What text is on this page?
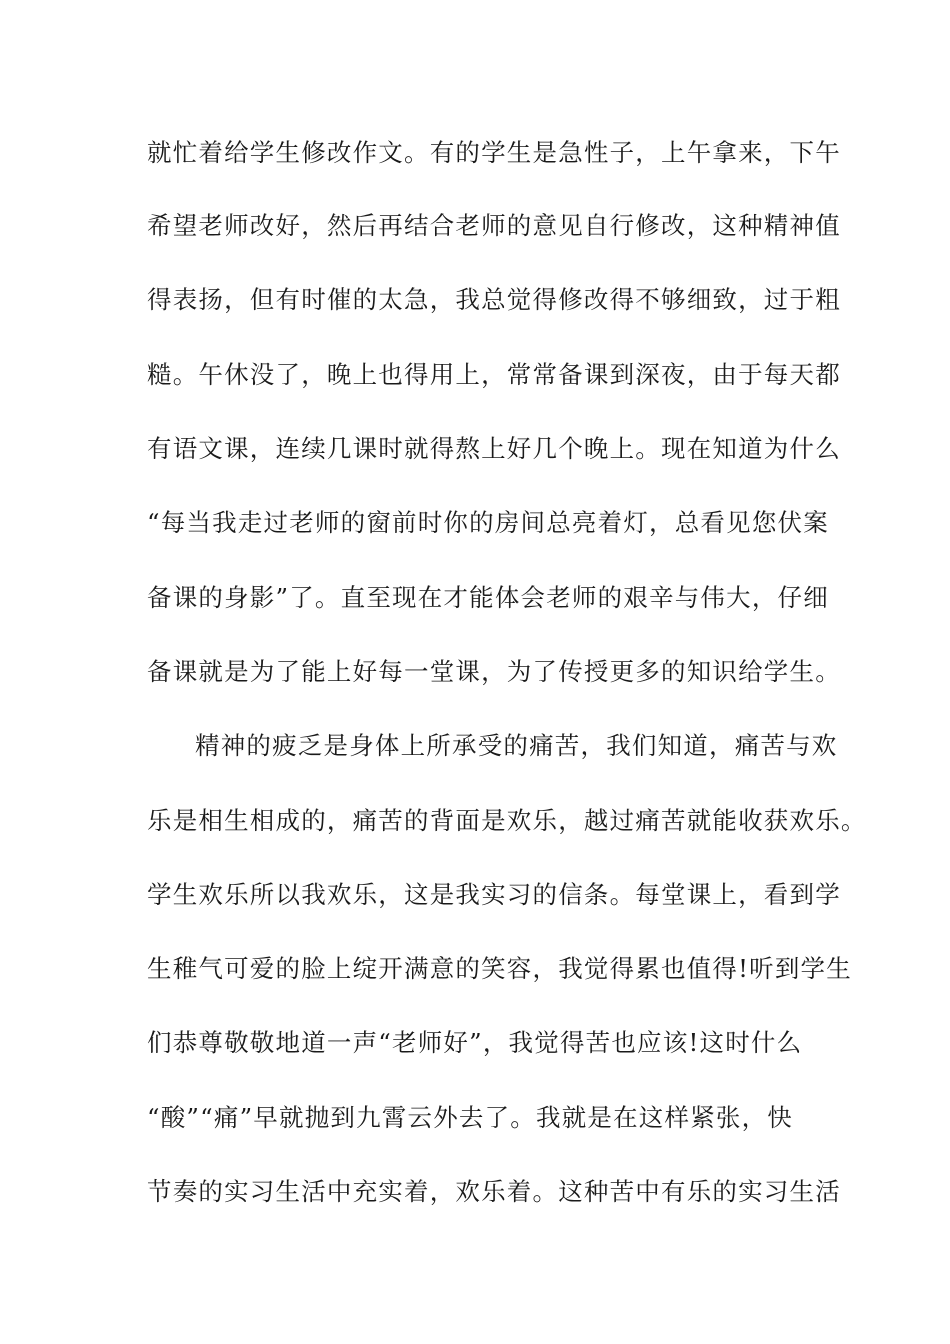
就忙着给学生修改作文。有的学生是急性子，上午拿来，下午
希望老师改好，然后再结合老师的意见自行修改，这种精神值
得表扬，但有时催的太急，我总觉得修改得不够细致，过于粗
糙。午休没了，晚上也得用上，常常备课到深夜，由于每天都
有语文课，连续几课时就得熬上好几个晚上。现在知道为什么
“每当我走过老师的窗前时你的房间总亮着灯，总看见您伏案
备课的身影”了。直至现在才能体会老师的艰辛与伟大，仔细
备课就是为了能上好每一堂课，为了传授更多的知识给学生。
精神的疲乏是身体上所承受的痛苦，我们知道，痛苦与欢
乐是相生相成的，痛苦的背面是欢乐，越过痛苦就能收获欢乐。
学生欢乐所以我欢乐，这是我实习的信条。每堂课上，看到学
生稚气可爱的脸上绽开满意的笑容，我觉得累也值得!听到学生
们恭尊敬敬地道一声“老师好”，我觉得苦也应该!这时什么
“酸”“痛”早就抛到九霄云外去了。我就是在这样紧张，快
节奏的实习生活中充实着，欢乐着。这种苦中有乐的实习生活
